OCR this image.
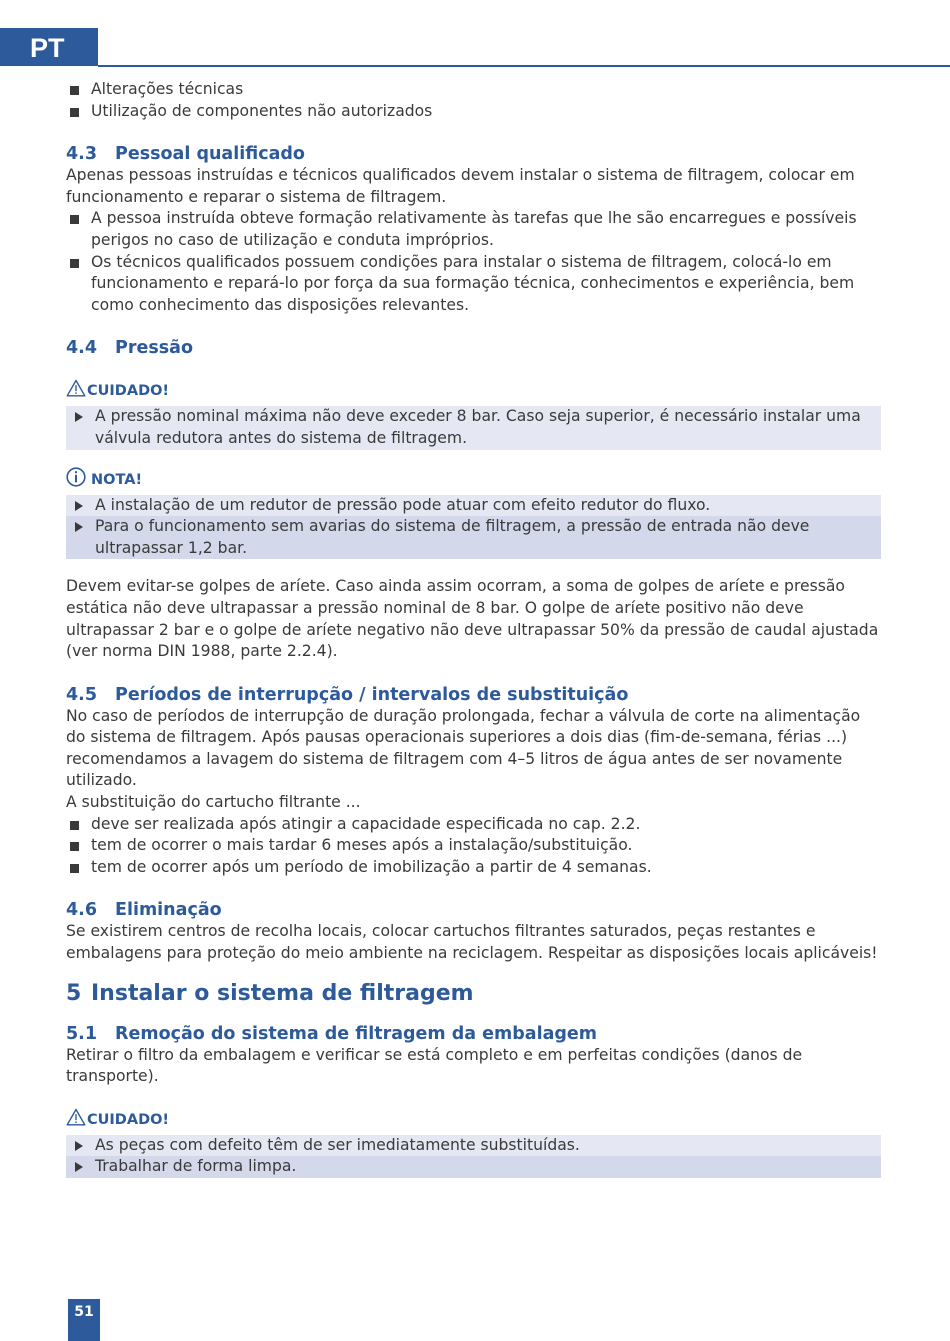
PT
Alterações técnicas
Utilização de componentes não autorizados
4.3 Pessoal qualificado

Apenas pessoas instruídas e técnicos qualificados devem instalar o sistema de filtragem, colocar em funcionamento e reparar o sistema de filtragem.

A pessoa instruída obteve formação relativamente às tarefas que lhe são encarregues e possíveis perigos no caso de utilização e conduta impróprios.
Os técnicos qualificados possuem condições para instalar o sistema de filtragem, colocá-lo em funcionamento e repará-lo por força da sua formação técnica, conhecimentos e experiência, bem como conhecimento das disposições relevantes.
4.4 Pressão
CUIDADO!
A pressão nominal máxima não deve exceder 8 bar. Caso seja superior, é necessário instalar uma válvula redutora antes do sistema de filtragem.
NOTA!
A instalação de um redutor de pressão pode atuar com efeito redutor do fluxo.
Para o funcionamento sem avarias do sistema de filtragem, a pressão de entrada não deve ultrapassar 1,2 bar.

Devem evitar-se golpes de aríete. Caso ainda assim ocorram, a soma de golpes de aríete e pressão estática não deve ultrapassar a pressão nominal de 8 bar. O golpe de aríete positivo não deve ultrapassar 2 bar e o golpe de aríete negativo não deve ultrapassar 50% da pressão de caudal ajustada (ver norma DIN 1988, parte 2.2.4).

4.5 Períodos de interrupção / intervalos de substituição

No caso de períodos de interrupção de duração prolongada, fechar a válvula de corte na alimentação do sistema de filtragem. Após pausas operacionais superiores a dois dias (fim-de-semana, férias ...) recomendamos a lavagem do sistema de filtragem com 4–5 litros de água antes de ser novamente utilizado.

A substituição do cartucho filtrante ...

deve ser realizada após atingir a capacidade especificada no cap. 2.2.
tem de ocorrer o mais tardar 6 meses após a instalação/substituição.
tem de ocorrer após um período de imobilização a partir de 4 semanas.
4.6 Eliminação

Se existirem centros de recolha locais, colocar cartuchos filtrantes saturados, peças restantes e embalagens para proteção do meio ambiente na reciclagem. Respeitar as disposições locais aplicáveis!

5 Instalar o sistema de filtragem
5.1 Remoção do sistema de filtragem da embalagem

Retirar o filtro da embalagem e verificar se está completo e em perfeitas condições (danos de transporte).

CUIDADO!
As peças com defeito têm de ser imediatamente substituídas.
Trabalhar de forma limpa.
51
